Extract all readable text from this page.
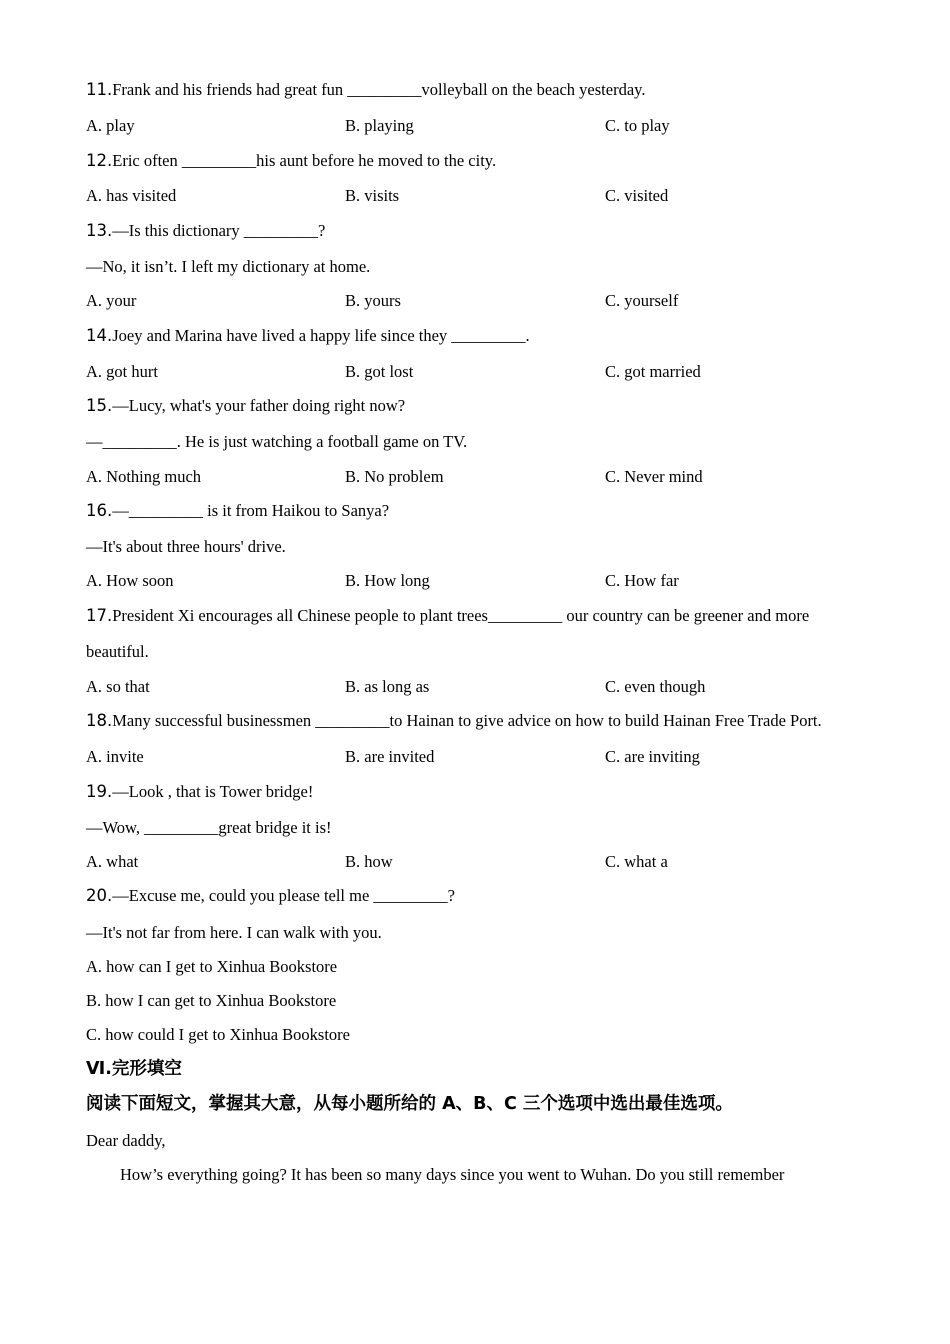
11.Frank and his friends had great fun _________volleyball on the beach yesterday.
A. play	B. playing	C. to play
12.Eric often _________his aunt before he moved to the city.
A. has visited	B. visits	C. visited
13.—Is this dictionary _________?
—No, it isn’t. I left my dictionary at home.
A. your	B. yours	C. yourself
14.Joey and Marina have lived a happy life since they _________.
A. got hurt	B. got lost	C. got married
15.—Lucy, what's your father doing right now?
—_________. He is just watching a football game on TV.
A. Nothing much	B. No problem	C. Never mind
16.—_________ is it from Haikou to Sanya?
—It's about three hours' drive.
A. How soon	B. How long	C. How far
17.President Xi encourages all Chinese people to plant trees_________ our country can be greener and more
beautiful.
A. so that	B. as long as	C. even though
18.Many successful businessmen _________to Hainan to give advice on how to build Hainan Free Trade Port.
A. invite	B. are invited	C. are inviting
19.—Look , that is Tower bridge!
—Wow, _________great bridge it is!
A. what	B. how	C. what a
20.—Excuse me, could you please tell me _________?
—It's not far from here. I can walk with you.
A. how can I get to Xinhua Bookstore
B. how I can get to Xinhua Bookstore
C. how could I get to Xinhua Bookstore
Ⅵ.完形填空
阅读下面短文，掌握其大意，从每小题所给的 A、B、C 三个选项中选出最佳选项。
Dear daddy,
How’s everything going? It has been so many days since you went to Wuhan. Do you still remember
